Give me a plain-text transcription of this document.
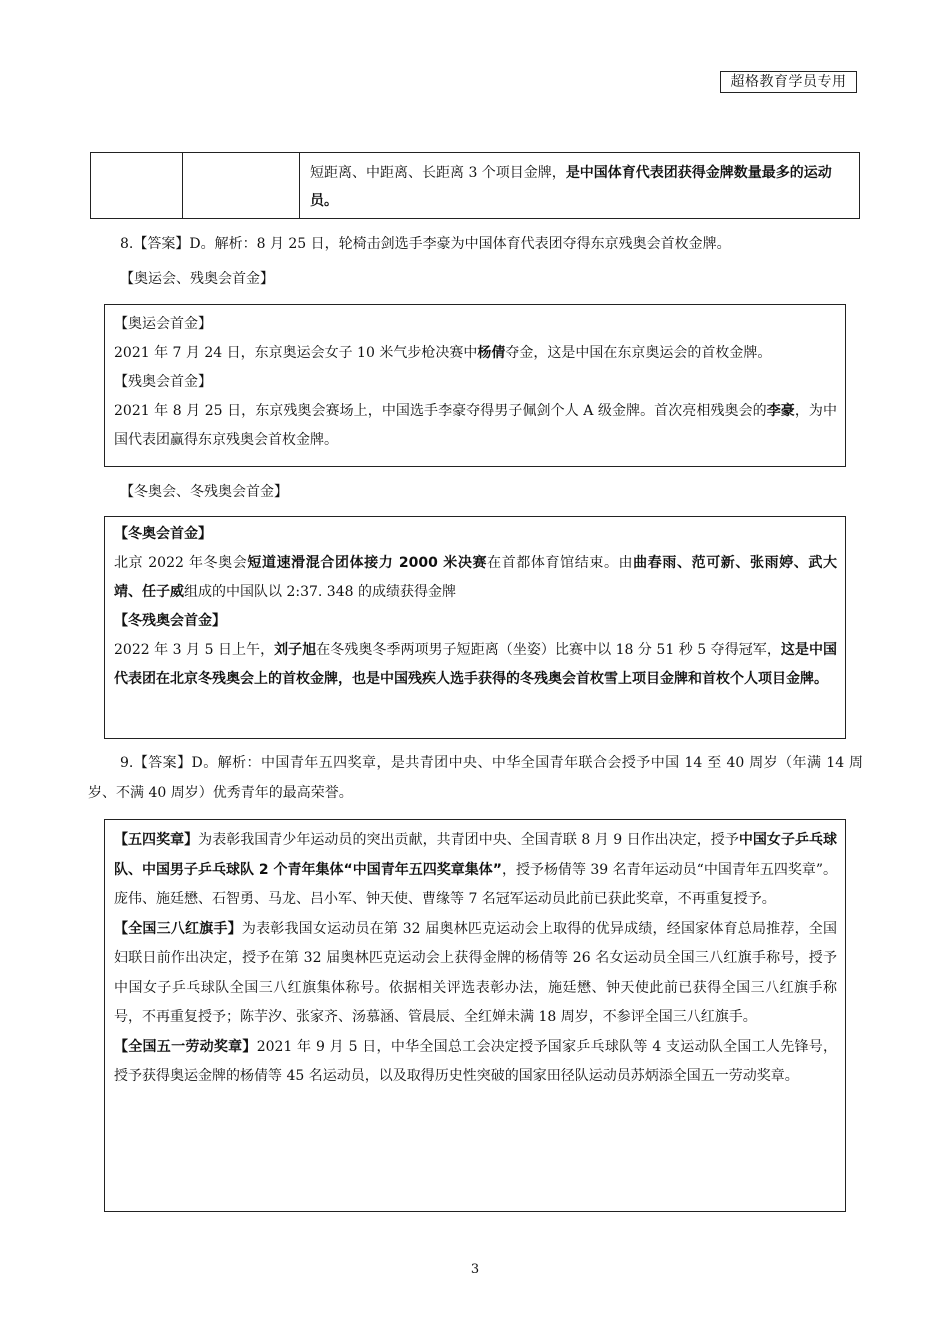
超格教育学员专用
短距离、中距离、长距离 3 个项目金牌，是中国体育代表团获得金牌数量最多的运动员。
8.【答案】D。解析：8 月 25 日，轮椅击剑选手李豪为中国体育代表团夺得东京残奥会首枚金牌。
【奥运会、残奥会首金】

【奥运会首金】

2021 年 7 月 24 日，东京奥运会女子 10 米气步枪决赛中杨倩夺金，这是中国在东京奥运会的首枚金牌。

【残奥会首金】

2021 年 8 月 25 日，东京残奥会赛场上，中国选手李豪夺得男子佩剑个人 A 级金牌。首次亮相残奥会的李豪，为中国代表团赢得东京残奥会首枚金牌。

【冬奥会、冬残奥会首金】

【冬奥会首金】

北京 2022 年冬奥会短道速滑混合团体接力 2000 米决赛在首都体育馆结束。由曲春雨、范可新、张雨婷、武大靖、任子威组成的中国队以 2:37. 348 的成绩获得金牌

【冬残奥会首金】

2022 年 3 月 5 日上午，刘子旭在冬残奥冬季两项男子短距离（坐姿）比赛中以 18 分 51 秒 5 夺得冠军，这是中国代表团在北京冬残奥会上的首枚金牌，也是中国残疾人选手获得的冬残奥会首枚雪上项目金牌和首枚个人项目金牌。

9.【答案】D。解析：中国青年五四奖章，是共青团中央、中华全国青年联合会授予中国 14 至 40 周岁（年满 14 周岁、不满 40 周岁）优秀青年的最高荣誉。

【五四奖章】为表彰我国青少年运动员的突出贡献，共青团中央、全国青联 8 月 9 日作出决定，授予中国女子乒乓球队、中国男子乒乓球队 2 个青年集体“中国青年五四奖章集体”，授予杨倩等 39 名青年运动员“中国青年五四奖章”。庞伟、施廷懋、石智勇、马龙、吕小军、钟天使、曹缘等 7 名冠军运动员此前已获此奖章，不再重复授予。

【全国三八红旗手】为表彰我国女运动员在第 32 届奥林匹克运动会上取得的优异成绩，经国家体育总局推荐，全国妇联日前作出决定，授予在第 32 届奥林匹克运动会上获得金牌的杨倩等 26 名女运动员全国三八红旗手称号，授予中国女子乒乓球队全国三八红旗集体称号。依据相关评选表彰办法，施廷懋、钟天使此前已获得全国三八红旗手称号，不再重复授予；陈芋汐、张家齐、汤慕涵、管晨辰、全红婵未满 18 周岁，不参评全国三八红旗手。

【全国五一劳动奖章】2021 年 9 月 5 日，中华全国总工会决定授予国家乒乓球队等 4 支运动队全国工人先锋号，授予获得奥运金牌的杨倩等 45 名运动员，以及取得历史性突破的国家田径队运动员苏炳添全国五一劳动奖章。

3
